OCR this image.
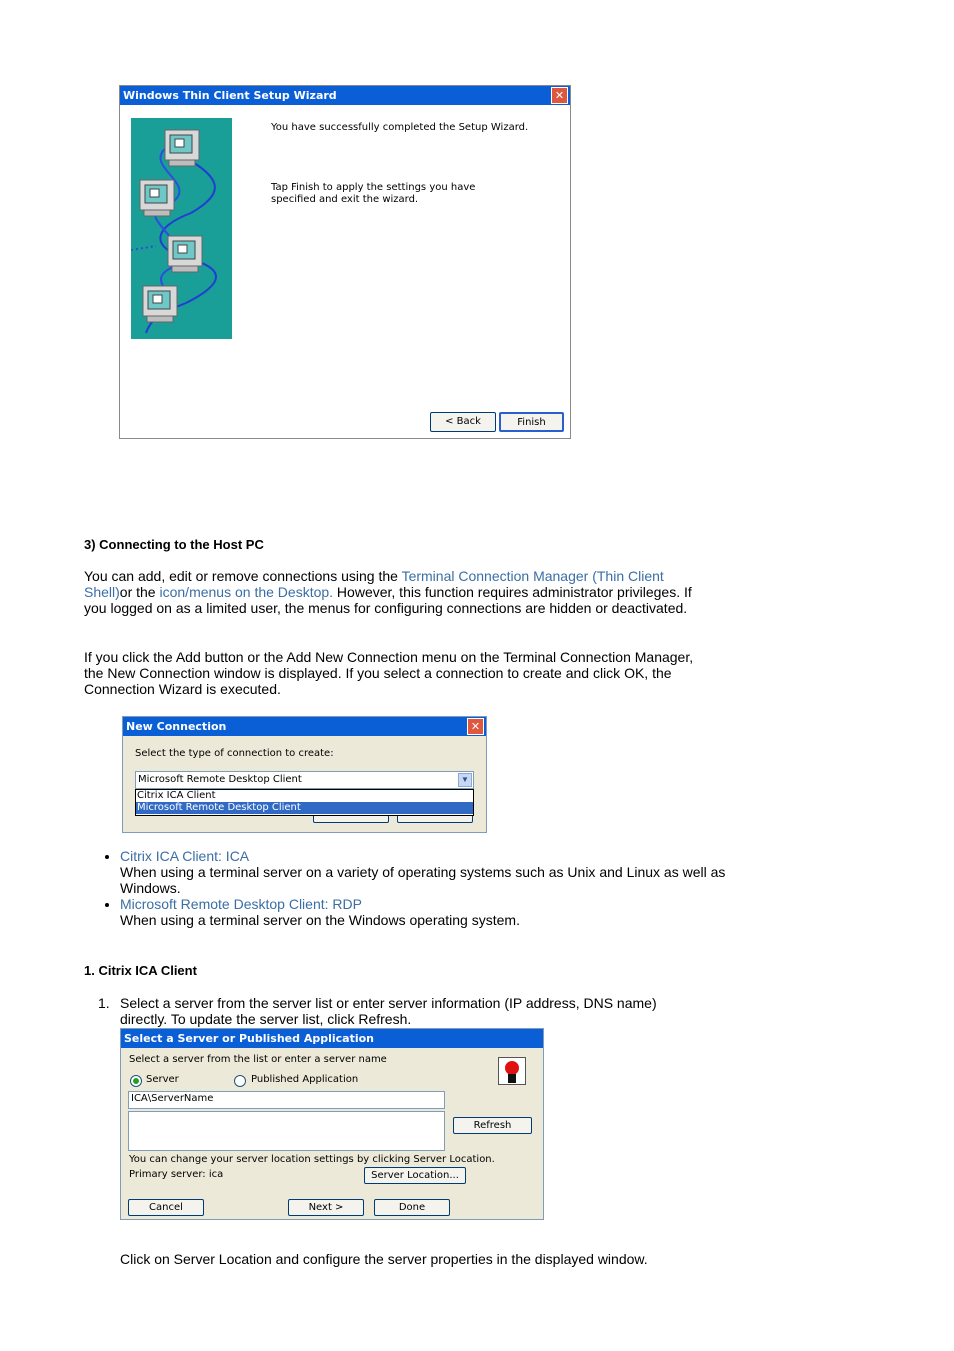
Windows Thin Client Setup Wizard	✕
You have successfully completed the Setup Wizard.
Tap Finish to apply the settings you have specified and exit the wizard.
< Back	Finish
3) Connecting to the Host PC
You can add, edit or remove connections using the Terminal Connection Manager (Thin Client Shell)or the icon/menus on the Desktop. However, this function requires administrator privileges. If you logged on as a limited user, the menus for configuring connections are hidden or deactivated.
If you click the Add button or the Add New Connection menu on the Terminal Connection Manager, the New Connection window is displayed. If you select a connection to create and click OK, the Connection Wizard is executed.
New Connection	✕
Select the type of connection to create:
Microsoft Remote Desktop Client	▼
Citrix ICA Client
Microsoft Remote Desktop Client
• Citrix ICA Client: ICA
When using a terminal server on a variety of operating systems such as Unix and Linux as well as Windows.
• Microsoft Remote Desktop Client: RDP
When using a terminal server on the Windows operating system.
1. Citrix ICA Client
1. Select a server from the server list or enter server information (IP address, DNS name) directly. To update the server list, click Refresh.
Select a Server or Published Application
Select a server from the list or enter a server name
Server	Published Application
ICA\ServerName
Refresh
You can change your server location settings by clicking Server Location.
Primary server: ica	Server Location...
Cancel	Next >	Done
Click on Server Location and configure the server properties in the displayed window.
